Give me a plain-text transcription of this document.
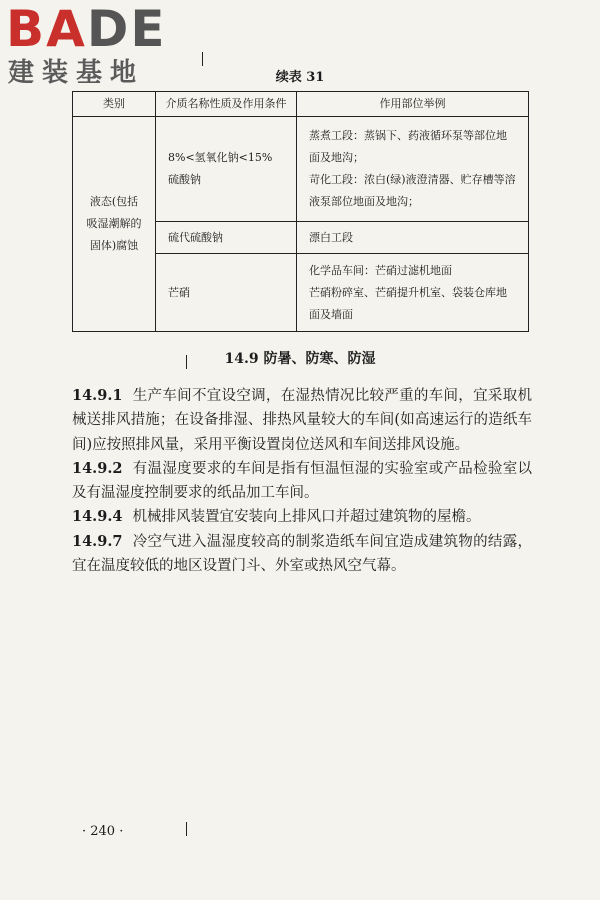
BADE
建装基地	续表 31
类别	介质名称性质及作用条件	作用部位举例
液态(包括吸湿潮解的固体)腐蚀	8%<氢氧化钠<15% 硫酸钠	蒸煮工段：蒸锅下、药液循环泵等部位地面及地沟；
苛化工段：浓白(绿)液澄清器、贮存槽等溶液泵部位地面及地沟；

	硫代硫酸钠	漂白工段

	芒硝	化学品车间：芒硝过滤机地面
芒硝粉碎室、芒硝提升机室、袋装仓库地面及墙面
14.9 防暑、防寒、防湿

14.9.1 生产车间不宜设空调，在湿热情况比较严重的车间，宜采取机械送排风措施；在设备排湿、排热风量较大的车间(如高速运行的造纸车间)应按照排风量，采用平衡设置岗位送风和车间送排风设施。

14.9.2 有温湿度要求的车间是指有恒温恒湿的实验室或产品检验室以及有温湿度控制要求的纸品加工车间。

14.9.4 机械排风装置宜安装向上排风口并超过建筑物的屋檐。

14.9.7 冷空气进入温湿度较高的制浆造纸车间宜造成建筑物的结露，宜在温度较低的地区设置门斗、外室或热风空气幕。

· 240 ·
